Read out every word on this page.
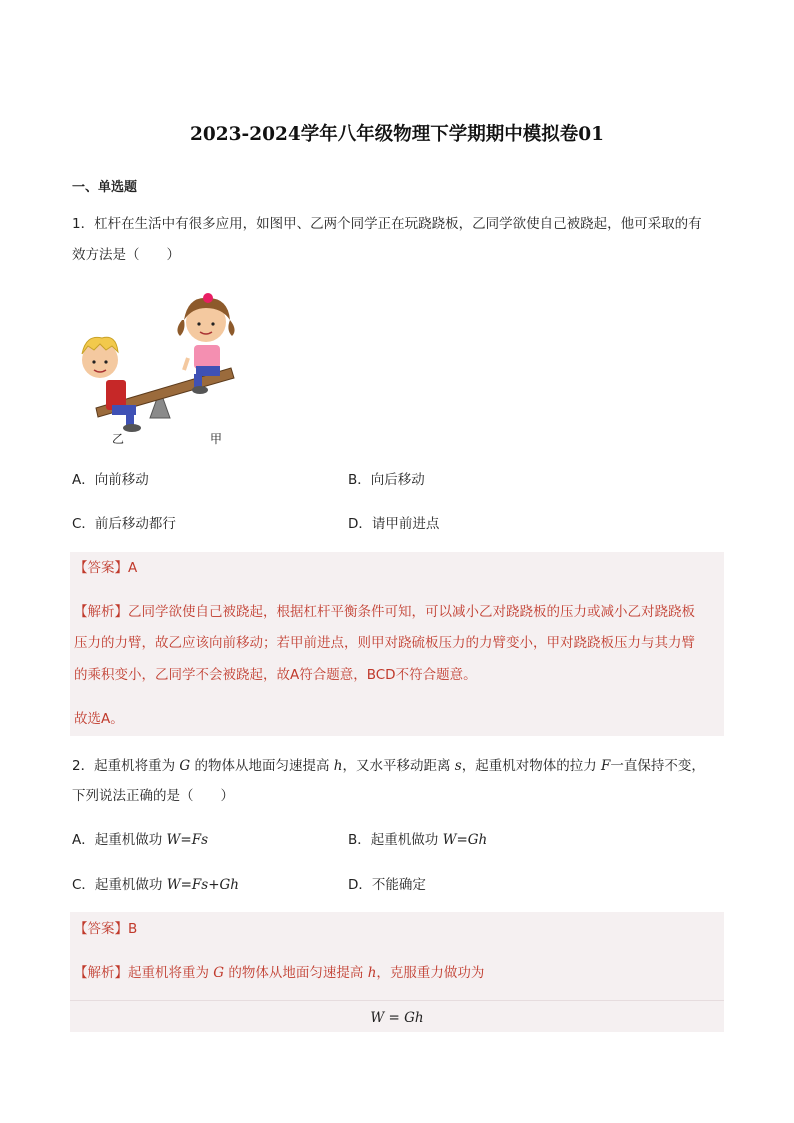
2023-2024学年八年级物理下学期期中模拟卷01
一、单选题
1．杠杆在生活中有很多应用，如图甲、乙两个同学正在玩跷跷板，乙同学欲使自己被跷起，他可采取的有
效方法是（　　）
乙	甲
A．向前移动	B．向后移动
C．前后移动都行	D．请甲前进点
【答案】A
【解析】乙同学欲使自己被跷起，根据杠杆平衡条件可知，可以减小乙对跷跷板的压力或减小乙对跷跷板
压力的力臂，故乙应该向前移动；若甲前进点，则甲对跷硫板压力的力臂变小，甲对跷跷板压力与其力臂
的乘积变小，乙同学不会被跷起，故A符合题意，BCD不符合题意。
故选A。
2．起重机将重为 G 的物体从地面匀速提高 h，又水平移动距离 s，起重机对物体的拉力 F一直保持不变，
下列说法正确的是（　　）
A．起重机做功 W=Fs	B．起重机做功 W=Gh
C．起重机做功 W=Fs+Gh	D．不能确定
【答案】B
【解析】起重机将重为 G 的物体从地面匀速提高 h，克服重力做功为
W = Gh
